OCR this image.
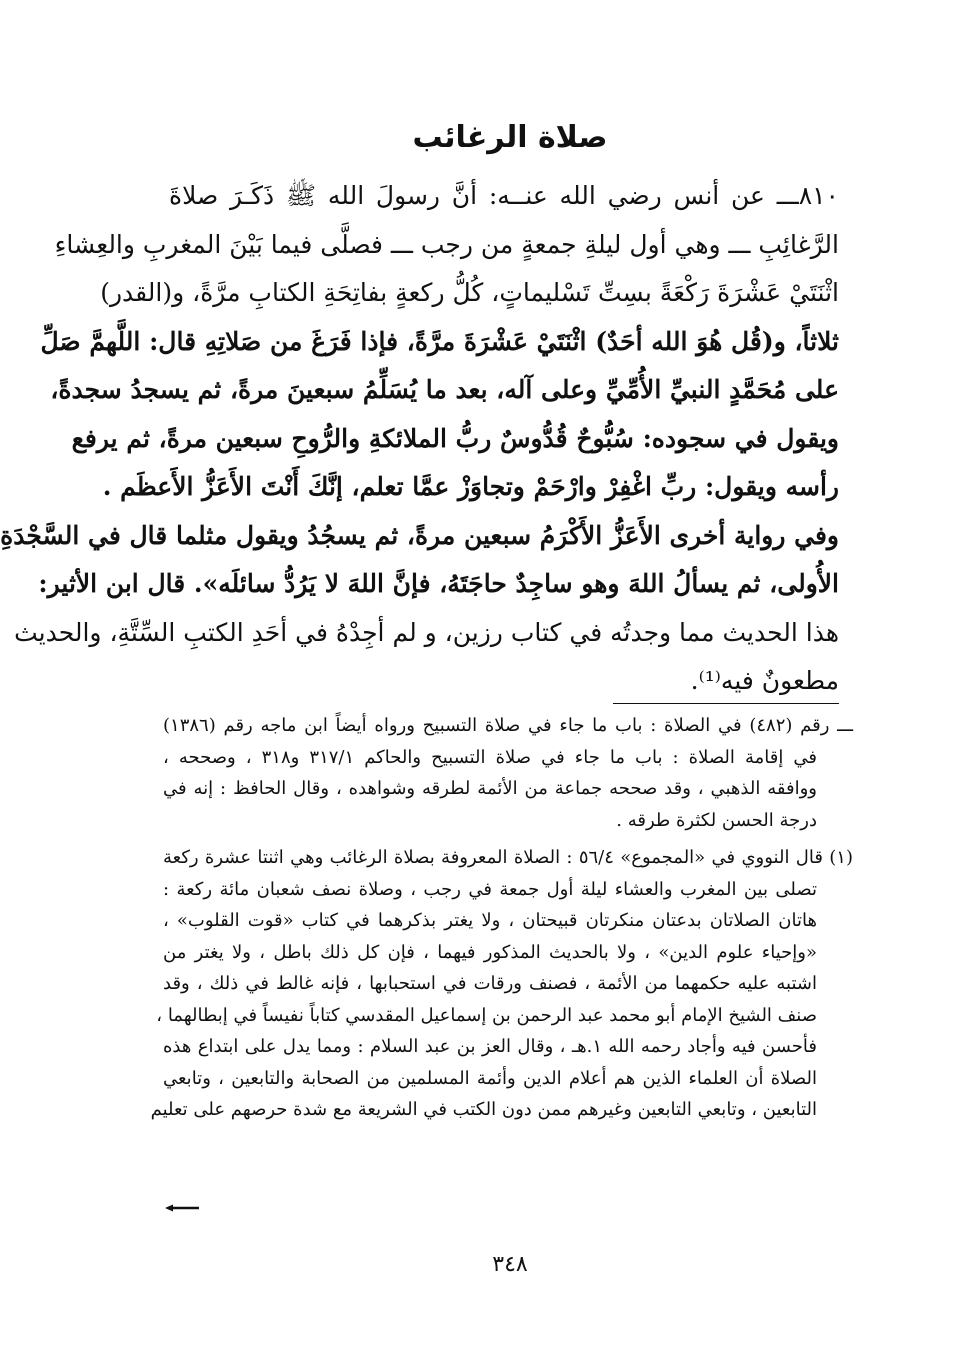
صلاة الرغائب
٨١٠ـــ عن أنس رضي الله عنــه: أنَّ رسولَ الله ﷺ ذَكَـرَ صلاةَ
الرَّغائِبِ ـــ وهي أول ليلةِ جمعةٍ من رجب ـــ فصلَّى فيما بَيْنَ المغربِ والعِشاءِ
اثْنَتَيْ عَشْرَةَ رَكْعَةً بسِتِّ تَسْليماتٍ، كُلُّ ركعةٍ بفاتِحَةِ الكتابِ مرَّةً، و(القدر)
ثلاثاً، و(قُل هُوَ الله أحَدٌ) اثْنَتَيْ عَشْرَةَ مرَّةً، فإذا فَرَغَ من صَلاتِهِ قال: اللَّهمَّ صَلِّ
على مُحَمَّدٍ النبيِّ الأُمِّيِّ وعلى آله، بعد ما يُسَلِّمُ سبعينَ مرةً، ثم يسجدُ سجدةً،
ويقول في سجوده: سُبُّوحٌ قُدُّوسٌ ربُّ الملائكةِ والرُّوحِ سبعين مرةً، ثم يرفع
رأسه ويقول: ربِّ اغْفِرْ وارْحَمْ وتجاوَزْ عمَّا تعلم، إنَّكَ أَنْتَ الأَعَزُّ الأَعظَم .
وفي رواية أخرى الأَعَزُّ الأَكْرَمُ سبعين مرةً، ثم يسجُدُ ويقول مثلما قال في السَّجْدَةِ
الأُولى، ثم يسألُ اللهَ وهو ساجِدٌ حاجَتَهُ، فإنَّ اللهَ لا يَرُدُّ سائلَه». قال ابن الأثير:
هذا الحديث مما وجدتُه في كتاب رزين، و لم أجِدْهُ في أحَدِ الكتبِ السِّتَّةِ، والحديث
مطعونٌ فيه⁽¹⁾.
ـــ رقم (٤٨٢) في الصلاة : باب ما جاء في صلاة التسبيح ورواه أيضاً ابن ماجه رقم (١٣٨٦)
في إقامة الصلاة : باب ما جاء في صلاة التسبيح والحاكم ٣١٧/١ و٣١٨ ، وصححه ،
ووافقه الذهبي ، وقد صححه جماعة من الأئمة لطرقه وشواهده ، وقال الحافظ : إنه في
درجة الحسن لكثرة طرقه .
(١) قال النووي في «المجموع» ٥٦/٤ : الصلاة المعروفة بصلاة الرغائب وهي اثنتا عشرة ركعة
تصلى بين المغرب والعشاء ليلة أول جمعة في رجب ، وصلاة نصف شعبان مائة ركعة :
هاتان الصلاتان بدعتان منكرتان قبيحتان ، ولا يغتر بذكرهما في كتاب «قوت القلوب» ،
«وإحياء علوم الدين» ، ولا بالحديث المذكور فيهما ، فإن كل ذلك باطل ، ولا يغتر من
اشتبه عليه حكمهما من الأئمة ، فصنف ورقات في استحبابها ، فإنه غالط في ذلك ، وقد
صنف الشيخ الإمام أبو محمد عبد الرحمن بن إسماعيل المقدسي كتاباً نفيساً في إبطالهما ،
فأحسن فيه وأجاد رحمه الله ١.هـ ، وقال العز بن عبد السلام : ومما يدل على ابتداع هذه
الصلاة أن العلماء الذين هم أعلام الدين وأئمة المسلمين من الصحابة والتابعين ، وتابعي
التابعين ، وتابعي التابعين وغيرهم ممن دون الكتب في الشريعة مع شدة حرصهم على تعليم
٣٤٨
